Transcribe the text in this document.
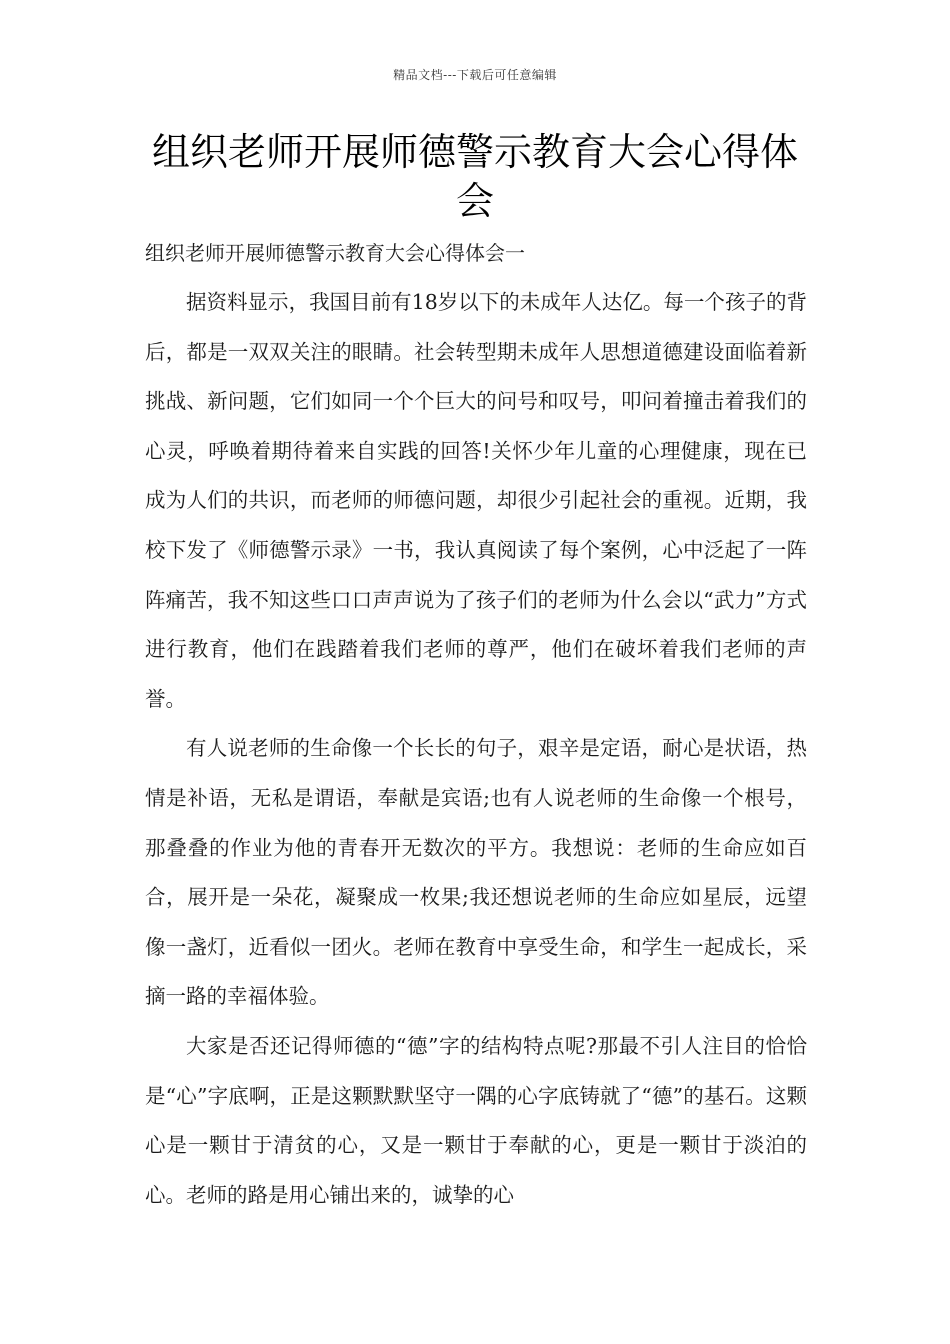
精品文档---下载后可任意编辑
组织老师开展师德警示教育大会心得体会
组织老师开展师德警示教育大会心得体会一

据资料显示，我国目前有18岁以下的未成年人达亿。每一个孩子的背后，都是一双双关注的眼睛。社会转型期未成年人思想道德建设面临着新挑战、新问题，它们如同一个个巨大的问号和叹号，叩问着撞击着我们的心灵，呼唤着期待着来自实践的回答!关怀少年儿童的心理健康，现在已成为人们的共识，而老师的师德问题，却很少引起社会的重视。近期，我校下发了《师德警示录》一书，我认真阅读了每个案例，心中泛起了一阵阵痛苦，我不知这些口口声声说为了孩子们的老师为什么会以“武力”方式进行教育，他们在践踏着我们老师的尊严，他们在破坏着我们老师的声誉。

有人说老师的生命像一个长长的句子，艰辛是定语，耐心是状语，热情是补语，无私是谓语，奉献是宾语;也有人说老师的生命像一个根号，那叠叠的作业为他的青春开无数次的平方。我想说：老师的生命应如百合，展开是一朵花，凝聚成一枚果;我还想说老师的生命应如星辰，远望像一盏灯，近看似一团火。老师在教育中享受生命，和学生一起成长，采摘一路的幸福体验。

大家是否还记得师德的“德”字的结构特点呢?那最不引人注目的恰恰是“心”字底啊，正是这颗默默坚守一隅的心字底铸就了“德”的基石。这颗心是一颗甘于清贫的心，又是一颗甘于奉献的心，更是一颗甘于淡泊的心。老师的路是用心铺出来的，诚挚的心
